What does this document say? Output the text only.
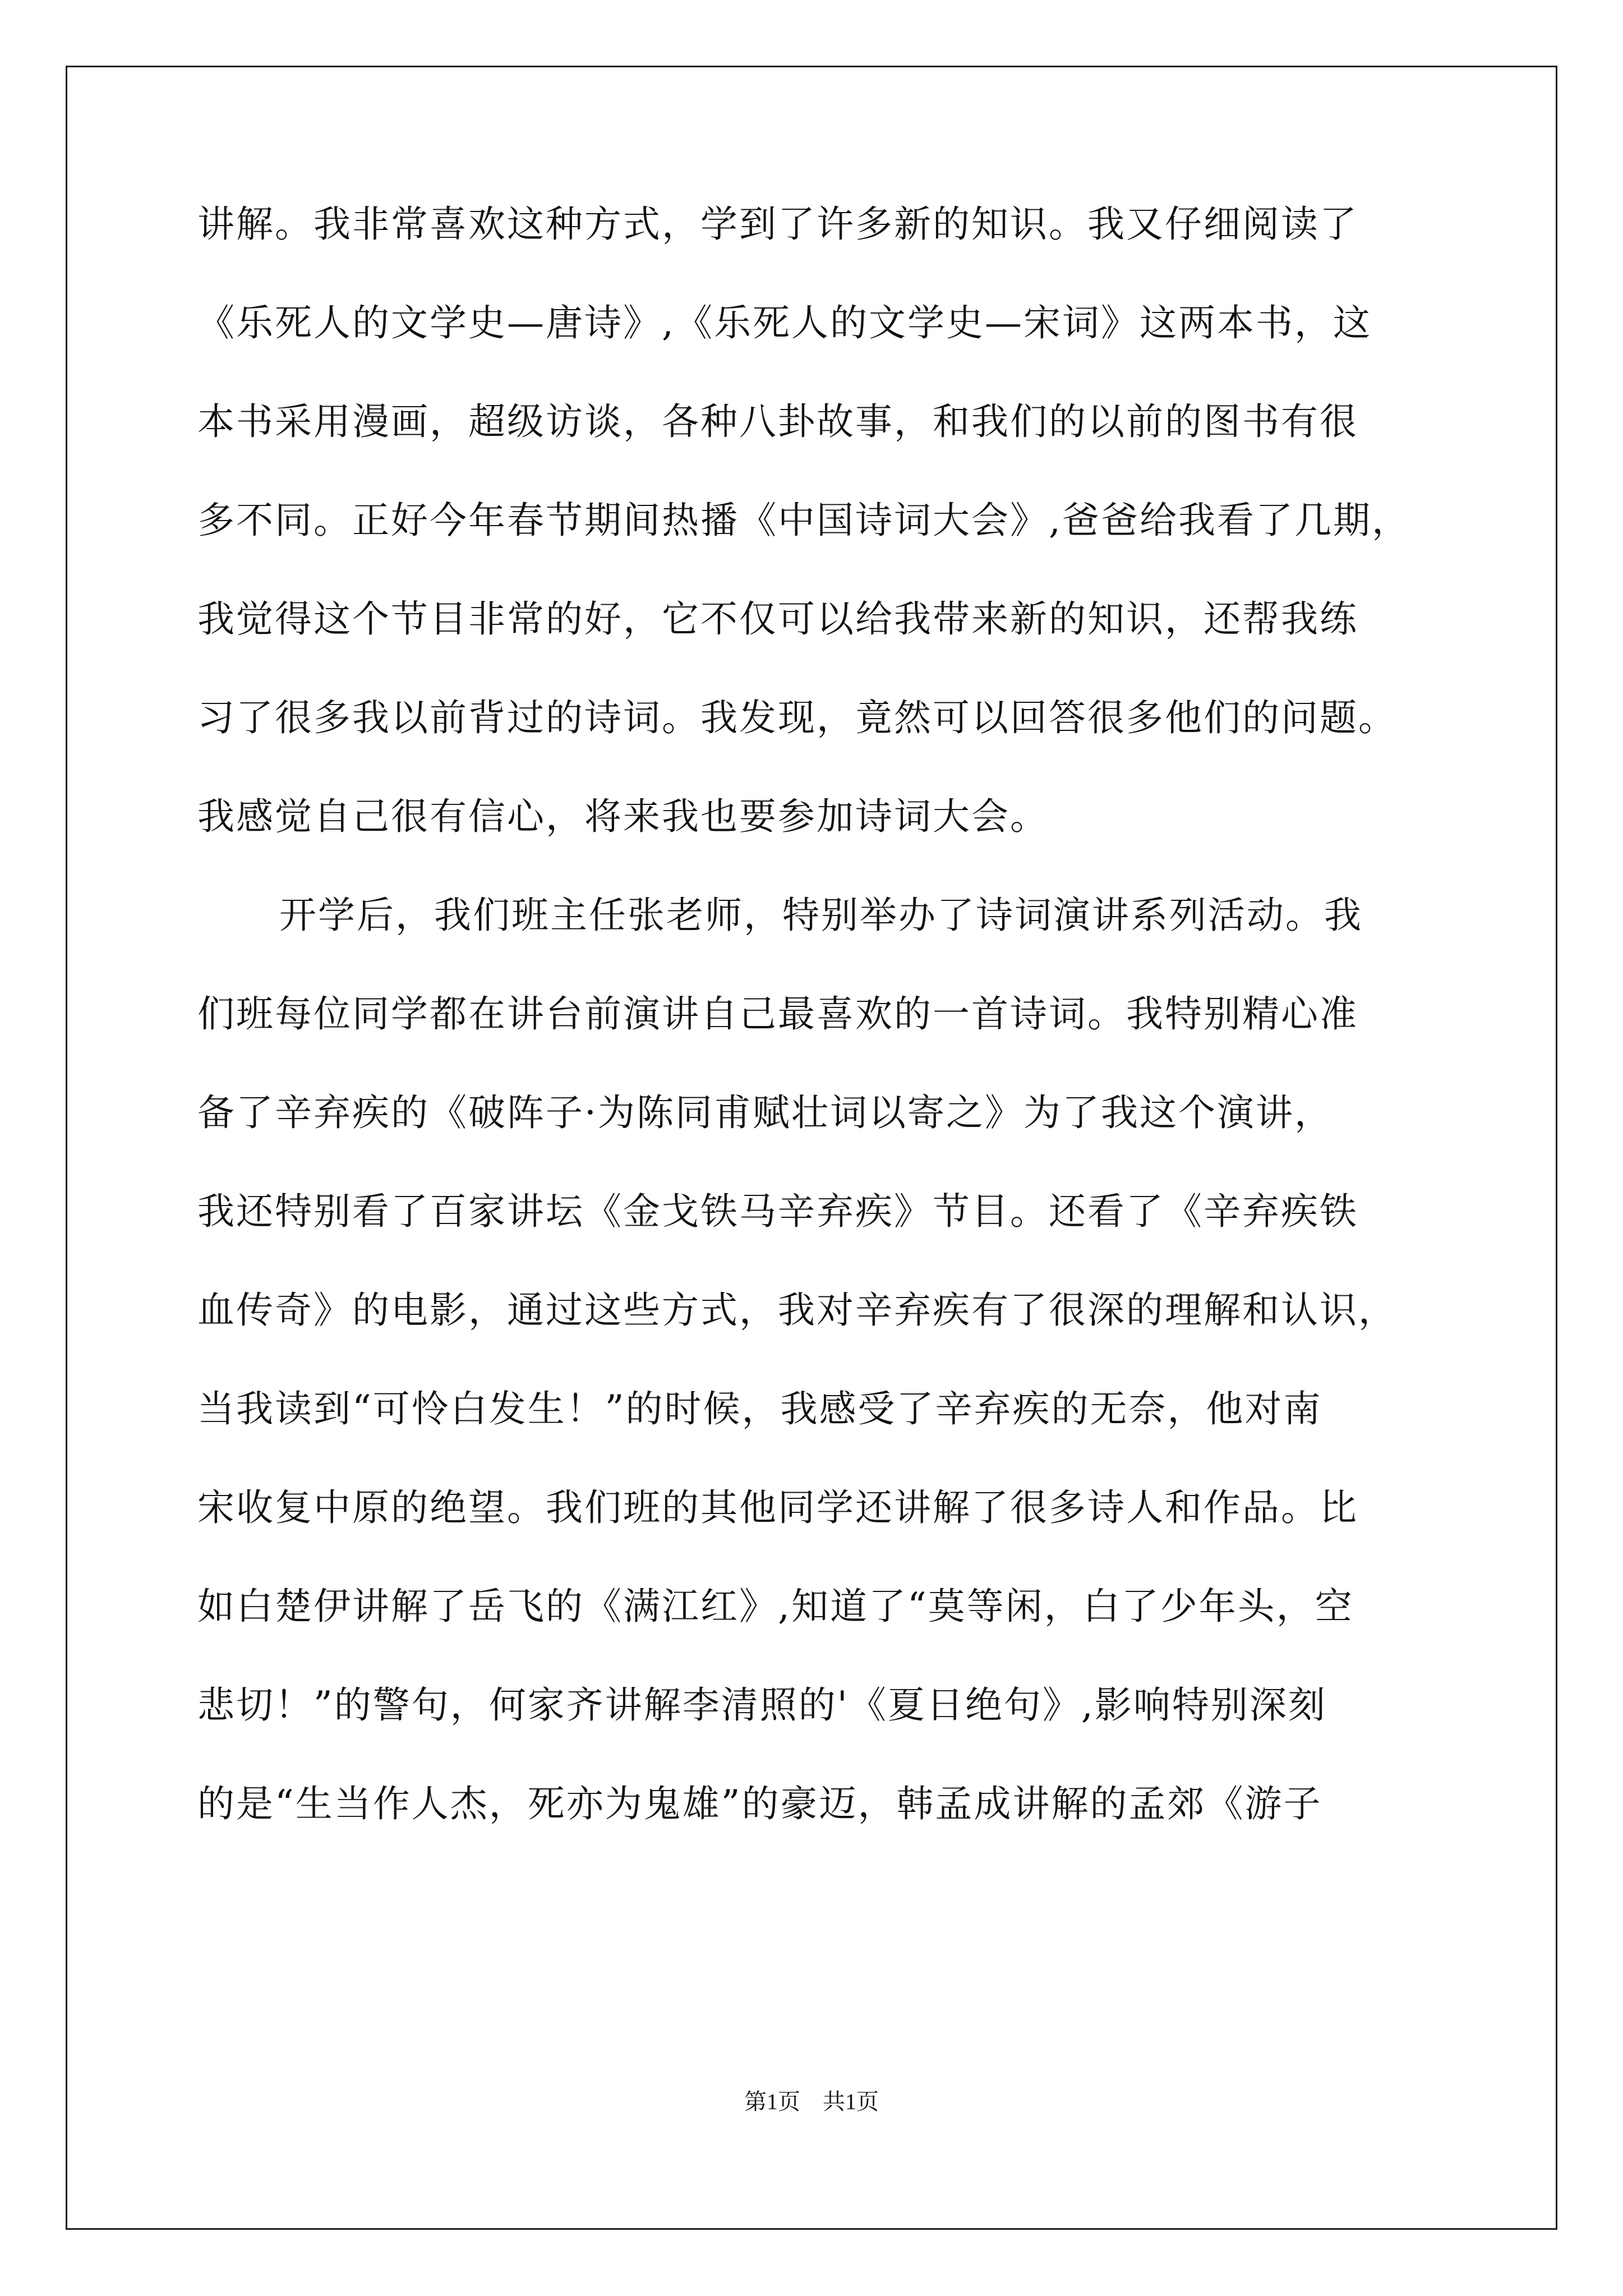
讲解。我非常喜欢这种方式，学到了许多新的知识。我又仔细阅读了
《乐死人的文学史—唐诗》,《乐死人的文学史—宋词》这两本书，这
本书采用漫画，超级访谈，各种八卦故事，和我们的以前的图书有很
多不同。正好今年春节期间热播《中国诗词大会》,爸爸给我看了几期，
我觉得这个节目非常的好，它不仅可以给我带来新的知识，还帮我练
习了很多我以前背过的诗词。我发现，竟然可以回答很多他们的问题。
我感觉自己很有信心，将来我也要参加诗词大会。
开学后，我们班主任张老师，特别举办了诗词演讲系列活动。我
们班每位同学都在讲台前演讲自己最喜欢的一首诗词。我特别精心准
备了辛弃疾的《破阵子·为陈同甫赋壮词以寄之》为了我这个演讲，
我还特别看了百家讲坛《金戈铁马辛弃疾》节目。还看了《辛弃疾铁
血传奇》的电影，通过这些方式，我对辛弃疾有了很深的理解和认识，
当我读到“可怜白发生！”的时候，我感受了辛弃疾的无奈，他对南
宋收复中原的绝望。我们班的其他同学还讲解了很多诗人和作品。比
如白楚伊讲解了岳飞的《满江红》,知道了“莫等闲，白了少年头，空
悲切！”的警句，何家齐讲解李清照的'《夏日绝句》,影响特别深刻
的是“生当作人杰，死亦为鬼雄”的豪迈，韩孟成讲解的孟郊《游子
第1页　共1页
